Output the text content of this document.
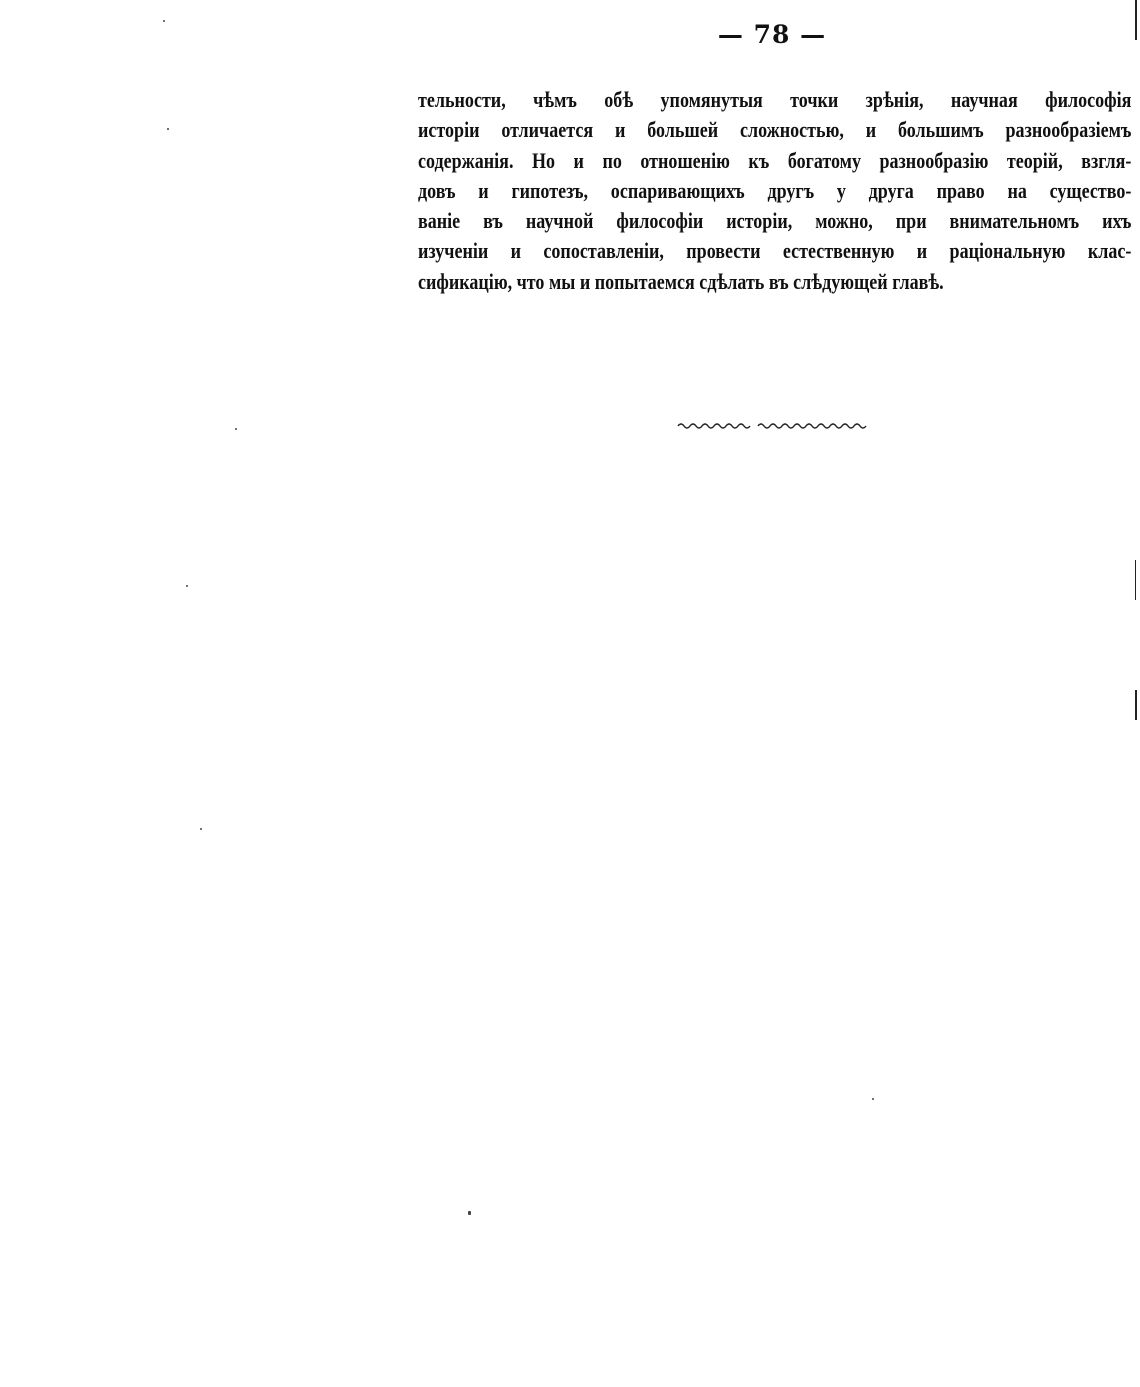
— 78 —
тельности, чѣмъ обѣ упомянутыя точки зрѣнія, научная философія
исторіи отличается и большей сложностью, и большимъ разнообразіемъ
содержанія. Но и по отношенію къ богатому разнообразію теорій, взгля-
довъ и гипотезъ, оспаривающихъ другъ у друга право на существо-
ваніе въ научной философіи исторіи, можно, при внимательномъ ихъ
изученіи и сопоставленіи, провести естественную и раціональную клас-
сификацію, что мы и попытаемся сдѣлать въ слѣдующей главѣ.
